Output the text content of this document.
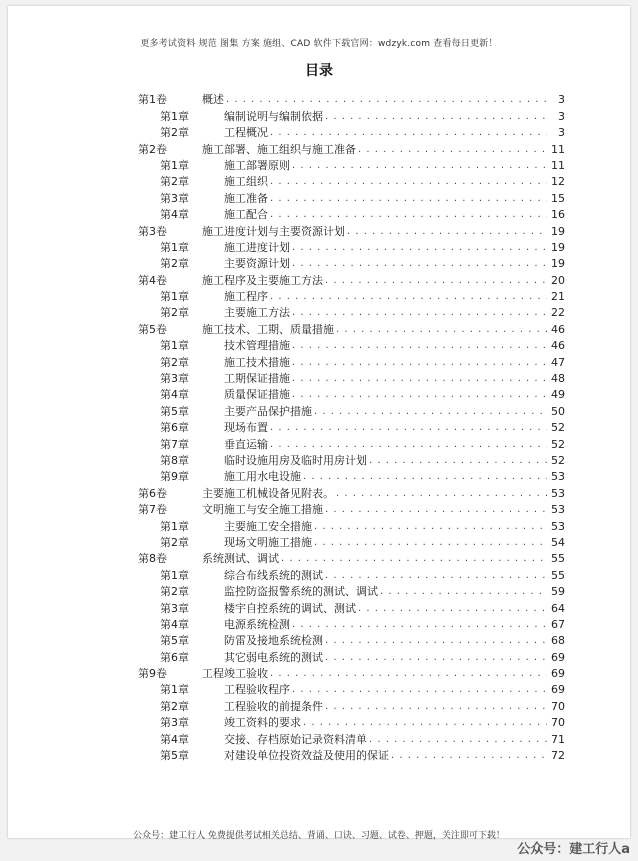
更多考试资料 规范 图集 方案 施组、CAD 软件下载官网：wdzyk.com 查看每日更新！
目录
第1卷	概述 . . .	3
第1章	编制说明与编制依据 . . .	3
第2章	工程概况 . . .	3
第2卷	施工部署、施工组织与施工准备 . . .	11
第1章	施工部署原则 . . .	11
第2章	施工组织 . . .	12
第3章	施工准备 . . .	15
第4章	施工配合 . . .	16
第3卷	施工进度计划与主要资源计划 . . .	19
第1章	施工进度计划 . . .	19
第2章	主要资源计划 . . .	19
第4卷	施工程序及主要施工方法 . . .	20
第1章	施工程序 . . .	21
第2章	主要施工方法 . . .	22
第5卷	施工技术、工期、质量措施 . . .	46
第1章	技术管理措施 . . .	46
第2章	施工技术措施 . . .	47
第3章	工期保证措施 . . .	48
第4章	质量保证措施 . . .	49
第5章	主要产品保护措施 . . .	50
第6章	现场布置 . . .	52
第7章	垂直运输 . . .	52
第8章	临时设施用房及临时用房计划 . . .	52
第9章	施工用水电设施 . . .	53
第6卷	主要施工机械设备见附表。 . . .	53
第7卷	文明施工与安全施工措施 . . .	53
第1章	主要施工安全措施 . . .	53
第2章	现场文明施工措施 . . .	54
第8卷	系统测试、调试 . . .	55
第1章	综合布线系统的测试 . . .	55
第2章	监控防盗报警系统的测试、调试 . . .	59
第3章	楼宇自控系统的调试、测试 . . .	64
第4章	电源系统检测 . . .	67
第5章	防雷及接地系统检测 . . .	68
第6章	其它弱电系统的测试 . . .	69
第9卷	工程竣工验收 . . .	69
第1章	工程验收程序 . . .	69
第2章	工程验收的前提条件 . . .	70
第3章	竣工资料的要求 . . .	70
第4章	交接、存档原始记录资料清单 . . .	71
第5章	对建设单位投资效益及使用的保证 . . .	72
公众号：建工行人 免费提供考试相关总结、背诵、口诀、习题、试卷、押题，关注即可下载！
公众号：建工行人a
